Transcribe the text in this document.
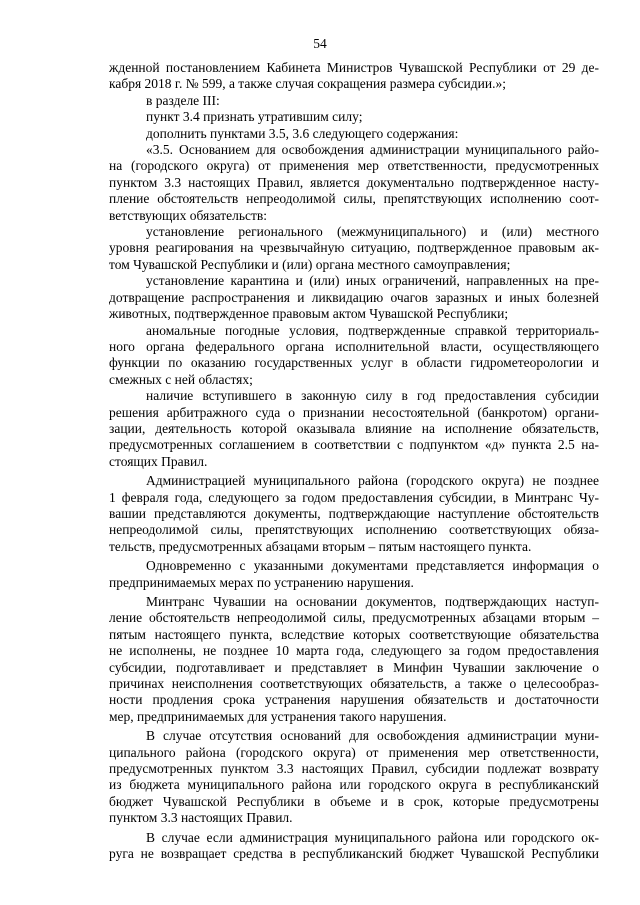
54
жденной постановлением Кабинета Министров Чувашской Республики от 29 де-
кабря 2018 г. № 599, а также случая сокращения размера субсидии.»;
в разделе III:
пункт 3.4 признать утратившим силу;
дополнить пунктами 3.5, 3.6 следующего содержания:
«3.5. Основанием для освобождения администрации муниципального райо-
на (городского округа) от применения мер ответственности, предусмотренных
пунктом 3.3 настоящих Правил, является документально подтвержденное насту-
пление обстоятельств непреодолимой силы, препятствующих исполнению соот-
ветствующих обязательств:
установление регионального (межмуниципального) и (или) местного
уровня реагирования на чрезвычайную ситуацию, подтвержденное правовым ак-
том Чувашской Республики и (или) органа местного самоуправления;
установление карантина и (или) иных ограничений, направленных на пре-
дотвращение распространения и ликвидацию очагов заразных и иных болезней
животных, подтвержденное правовым актом Чувашской Республики;
аномальные погодные условия, подтвержденные справкой территориаль-
ного органа федерального органа исполнительной власти, осуществляющего
функции по оказанию государственных услуг в области гидрометеорологии и
смежных с ней областях;
наличие вступившего в законную силу в год предоставления субсидии
решения арбитражного суда о признании несостоятельной (банкротом) органи-
зации, деятельность которой оказывала влияние на исполнение обязательств,
предусмотренных соглашением в соответствии с подпунктом «д» пункта 2.5 на-
стоящих Правил.
Администрацией муниципального района (городского округа) не позднее
1 февраля года, следующего за годом предоставления субсидии, в Минтранс Чу-
вашии представляются документы, подтверждающие наступление обстоятельств
непреодолимой силы, препятствующих исполнению соответствующих обяза-
тельств, предусмотренных абзацами вторым – пятым настоящего пункта.
Одновременно с указанными документами представляется информация о
предпринимаемых мерах по устранению нарушения.
Минтранс Чувашии на основании документов, подтверждающих наступ-
ление обстоятельств непреодолимой силы, предусмотренных абзацами вторым –
пятым настоящего пункта, вследствие которых соответствующие обязательства
не исполнены, не позднее 10 марта года, следующего за годом предоставления
субсидии, подготавливает и представляет в Минфин Чувашии заключение о
причинах неисполнения соответствующих обязательств, а также о целесообраз-
ности продления срока устранения нарушения обязательств и достаточности
мер, предпринимаемых для устранения такого нарушения.
В случае отсутствия оснований для освобождения администрации муни-
ципального района (городского округа) от применения мер ответственности,
предусмотренных пунктом 3.3 настоящих Правил, субсидии подлежат возврату
из бюджета муниципального района или городского округа в республиканский
бюджет Чувашской Республики в объеме и в срок, которые предусмотрены
пунктом 3.3 настоящих Правил.
В случае если администрация муниципального района или городского ок-
руга не возвращает средства в республиканский бюджет Чувашской Республики
